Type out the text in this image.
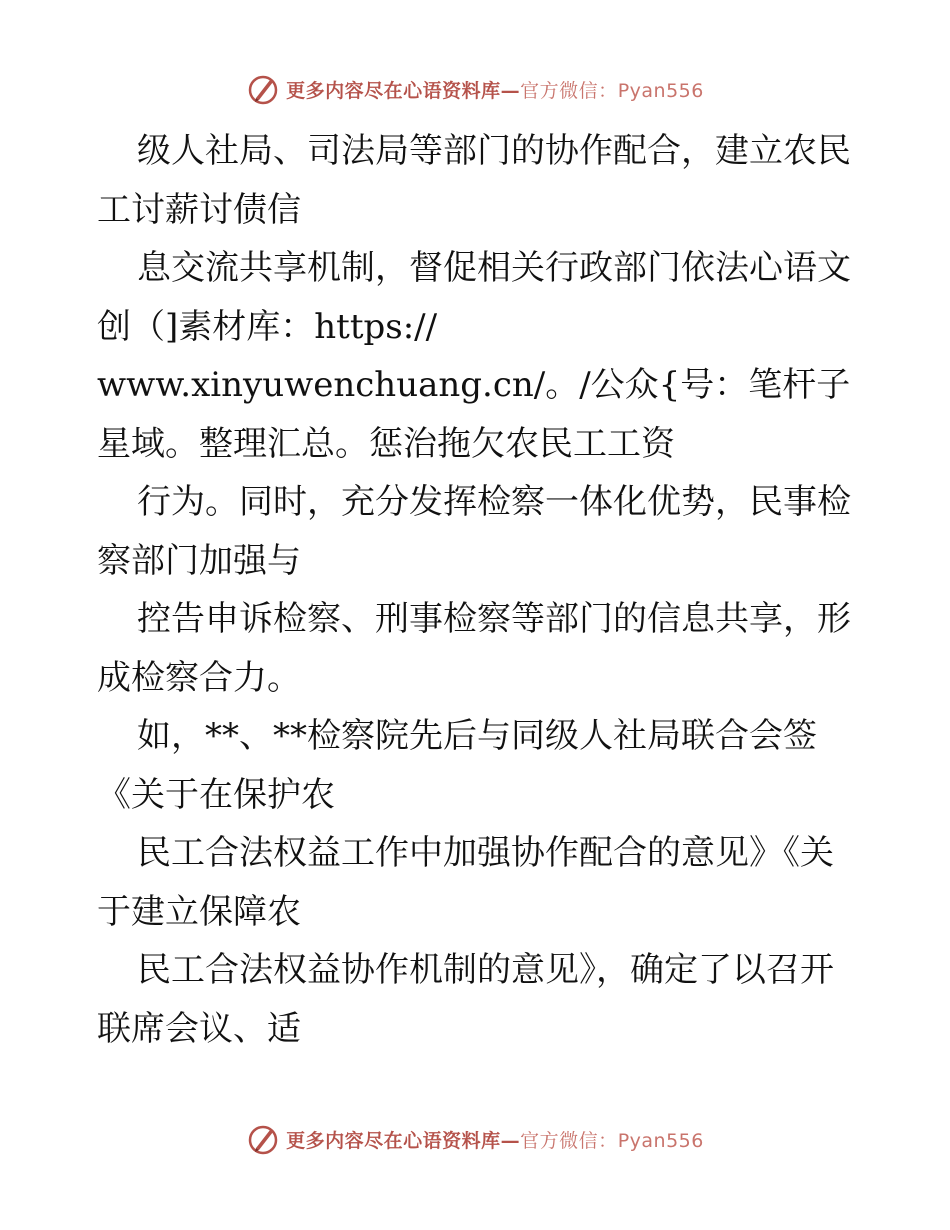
更多内容尽在心语资料库—官方微信：Pyan556

级人社局、司法局等部门的协作配合，建立农民工讨薪讨债信

息交流共享机制，督促相关行政部门依法心语文创（]素材库：https://

www.xinyuwenchuang.cn/。/公众{号：笔杆子星域。整理汇总。惩治拖欠农民工工资

行为。同时，充分发挥检察一体化优势，民事检察部门加强与

控告申诉检察、刑事检察等部门的信息共享，形成检察合力。

如，**、**检察院先后与同级人社局联合会签《关于在保护农

民工合法权益工作中加强协作配合的意见》《关于建立保障农

民工合法权益协作机制的意见》，确定了以召开联席会议、适

更多内容尽在心语资料库—官方微信：Pyan556
